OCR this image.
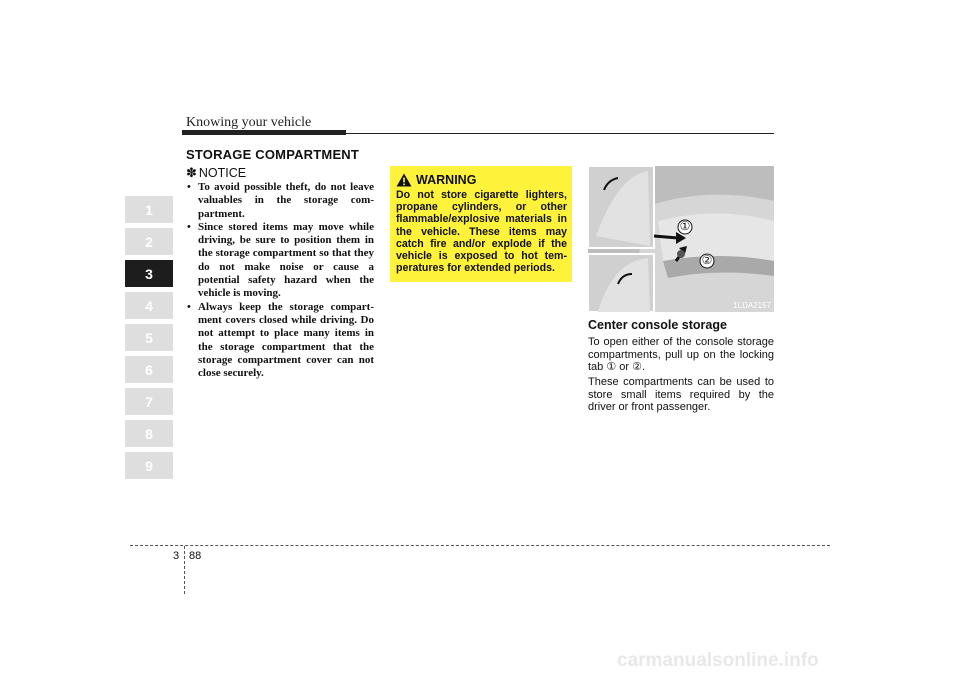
Knowing your vehicle
1
2
3
4
5
6
7
8
9
STORAGE COMPARTMENT
✽ NOTICE
• To avoid possible theft, do not leave valuables in the storage com-partment.
• Since stored items may move while driving, be sure to position them in the storage compartment so that they do not make noise or cause a potential safety hazard when the vehicle is moving.
• Always keep the storage compart-ment covers closed while driving. Do not attempt to place many items in the storage compartment that the storage compartment cover can not close securely.
WARNING
Do not store cigarette lighters, propane cylinders, or other flammable/explosive materials in the vehicle. These items may catch fire and/or explode if the vehicle is exposed to hot tem-peratures for extended periods.
①
②
1LDA2157
Center console storage
To open either of the console storage compartments, pull up on the locking tab ① or ②.
These compartments can be used to store small items required by the driver or front passenger.
3 88
carmanualsonline.info
